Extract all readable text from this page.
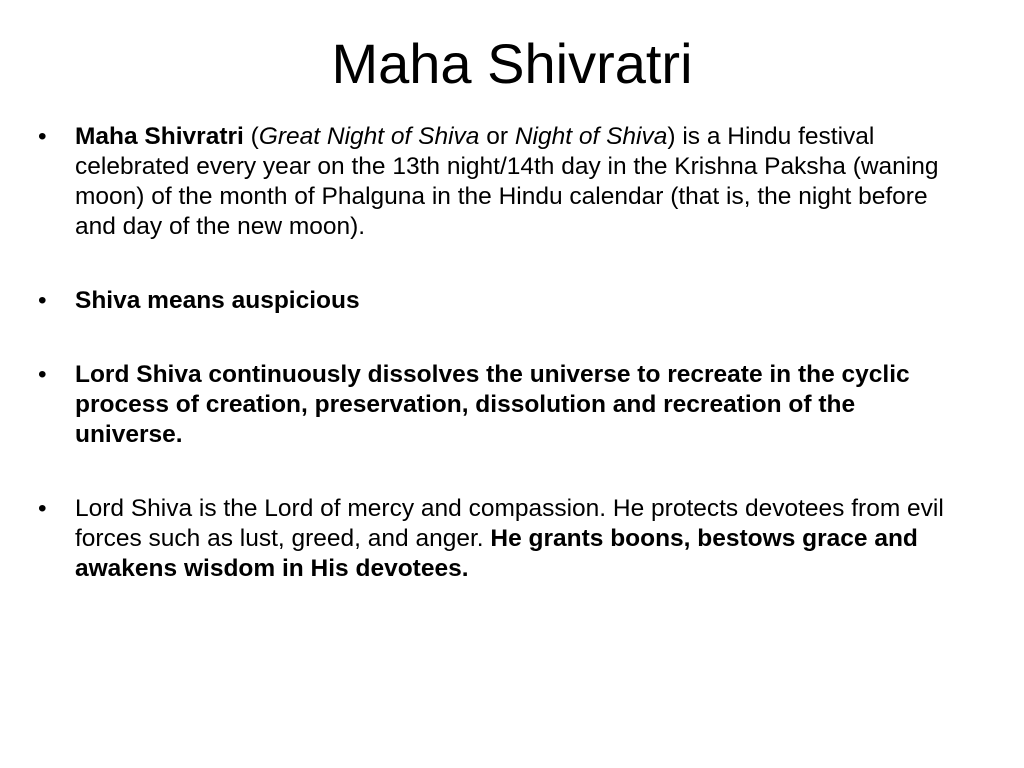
Maha Shivratri
•	Maha Shivratri (Great Night of Shiva or Night of Shiva) is a Hindu festival celebrated every year on the 13th night/14th day in the Krishna Paksha (waning moon) of the month of Phalguna in the Hindu calendar (that is, the night before and day of the new moon).
•	Shiva means auspicious
•	Lord Shiva continuously dissolves the universe to recreate in the cyclic process of creation, preservation, dissolution and recreation of the universe.
•	Lord Shiva is the Lord of mercy and compassion. He protects devotees from evil forces such as lust, greed, and anger. He grants boons, bestows grace and awakens wisdom in His devotees.
